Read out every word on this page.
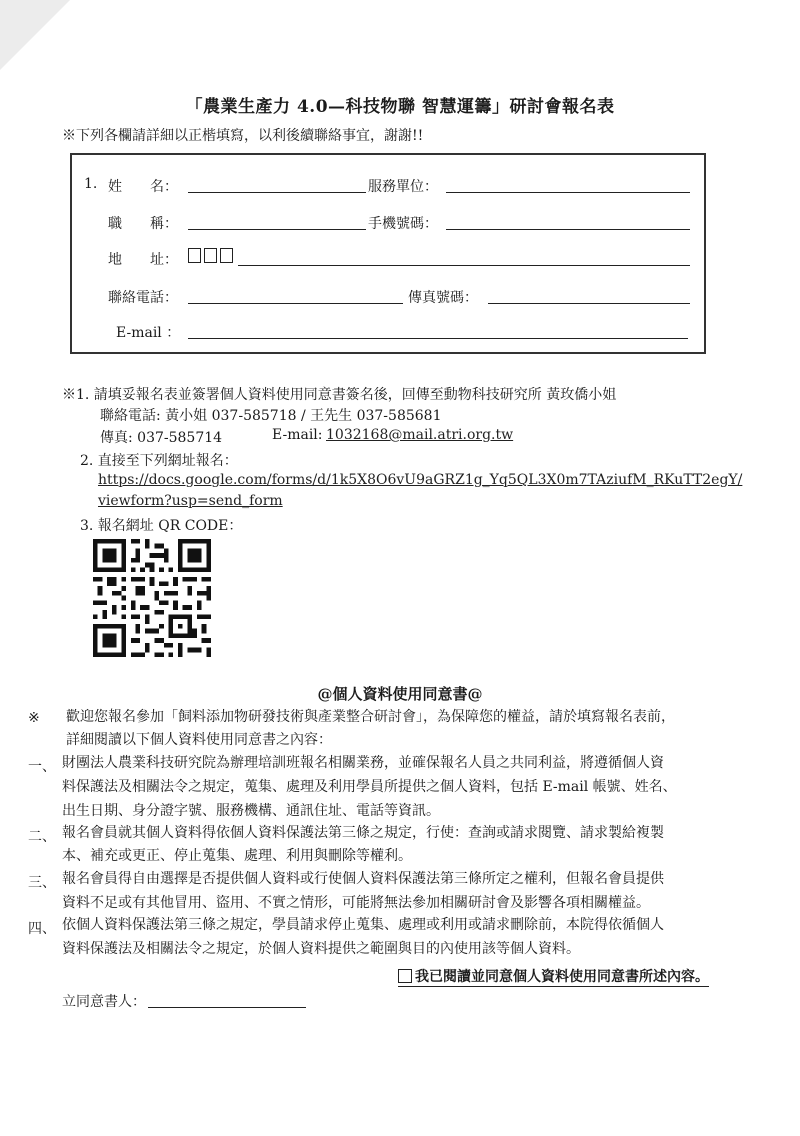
「農業生產力 4.0—科技物聯 智慧運籌」研討會報名表
※下列各欄請詳細以正楷填寫，以利後續聯絡事宜，謝謝!!
1. 姓　　名：	服務單位：
職　　稱：	手機號碼：
地　　址：
聯絡電話：	傳真號碼：
E-mail ：
※1. 請填妥報名表並簽署個人資料使用同意書簽名後，回傳至動物科技研究所 黃玫僑小姐
聯絡電話: 黃小姐 037-585718 / 王先生 037-585681
傳真: 037-585714	E-mail: 1032168@mail.atri.org.tw
2. 直接至下列網址報名：
https://docs.google.com/forms/d/1k5X8O6vU9aGRZ1g_Yq5QL3X0m7TAziufM_RKuTT2egY/
viewform?usp=send_form
3. 報名網址 QR CODE：
@個人資料使用同意書@
※ 歡迎您報名參加「飼料添加物研發技術與產業整合研討會」，為保障您的權益，請於填寫報名表前，
詳細閱讀以下個人資料使用同意書之內容：
一、 財團法人農業科技研究院為辦理培訓班報名相關業務，並確保報名人員之共同利益，將遵循個人資
料保護法及相關法令之規定，蒐集、處理及利用學員所提供之個人資料，包括 E-mail 帳號、姓名、
出生日期、身分證字號、服務機構、通訊住址、電話等資訊。
二、 報名會員就其個人資料得依個人資料保護法第三條之規定，行使：查詢或請求閱覽、請求製給複製
本、補充或更正、停止蒐集、處理、利用與刪除等權利。
三、 報名會員得自由選擇是否提供個人資料或行使個人資料保護法第三條所定之權利，但報名會員提供
資料不足或有其他冒用、盜用、不實之情形，可能將無法參加相關研討會及影響各項相關權益。
四、 依個人資料保護法第三條之規定，學員請求停止蒐集、處理或利用或請求刪除前，本院得依循個人
資料保護法及相關法令之規定，於個人資料提供之範圍與目的內使用該等個人資料。
我已閱讀並同意個人資料使用同意書所述內容。
立同意書人：
